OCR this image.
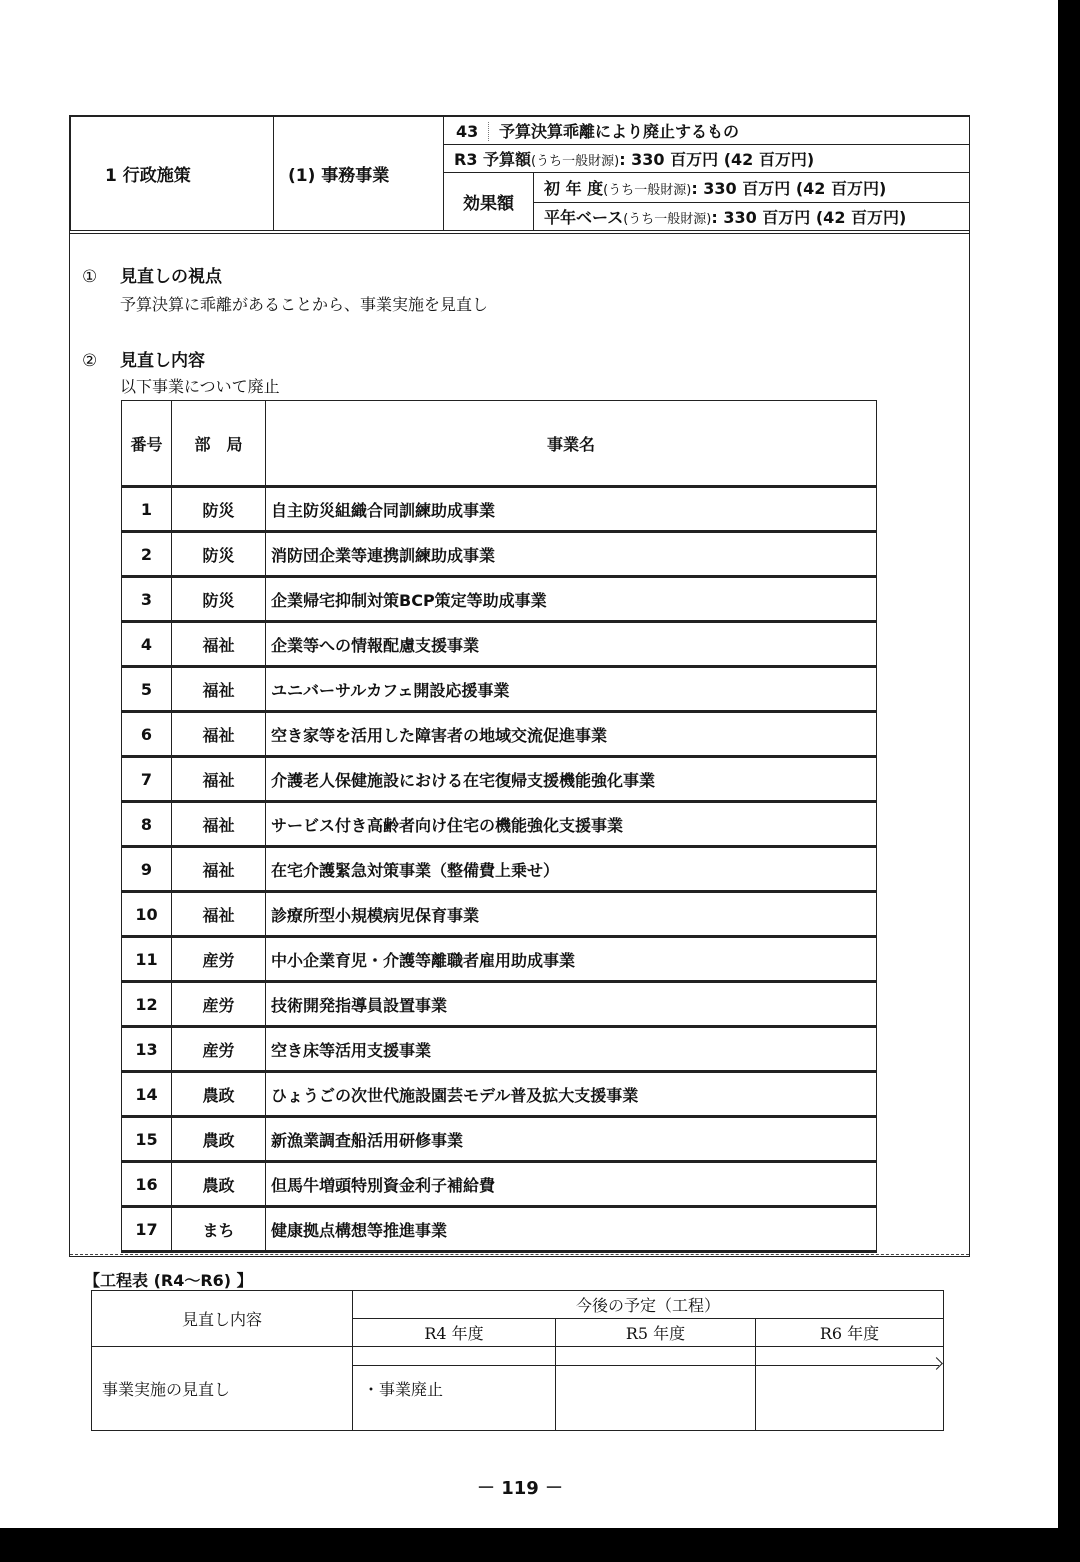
1 行政施策	(1) 事務事業	43 予算決算乖離により廃止するもの	
		R3 予算額(うち一般財源): 330 百万円 (42 百万円)	
		効果額	初 年 度(うち一般財源): 330 百万円 (42 百万円)
			平年ベース(うち一般財源): 330 百万円 (42 百万円)
① 見直しの視点
予算決算に乖離があることから、事業実施を見直し
② 見直し内容
以下事業について廃止
番号	部　局	事業名
1	防災	自主防災組織合同訓練助成事業
2	防災	消防団企業等連携訓練助成事業
3	防災	企業帰宅抑制対策BCP策定等助成事業
4	福祉	企業等への情報配慮支援事業
5	福祉	ユニバーサルカフェ開設応援事業
6	福祉	空き家等を活用した障害者の地域交流促進事業
7	福祉	介護老人保健施設における在宅復帰支援機能強化事業
8	福祉	サービス付き高齢者向け住宅の機能強化支援事業
9	福祉	在宅介護緊急対策事業（整備費上乗せ）
10	福祉	診療所型小規模病児保育事業
11	産労	中小企業育児・介護等離職者雇用助成事業
12	産労	技術開発指導員設置事業
13	産労	空き床等活用支援事業
14	農政	ひょうごの次世代施設園芸モデル普及拡大支援事業
15	農政	新漁業調査船活用研修事業
16	農政	但馬牛増頭特別資金利子補給費
17	まち	健康拠点構想等推進事業
【工程表 (R4～R6) 】
見直し内容	今後の予定（工程）		
	R4 年度	R5 年度	R6 年度
事業実施の見直し	・事業廃止		
－ 119 －
